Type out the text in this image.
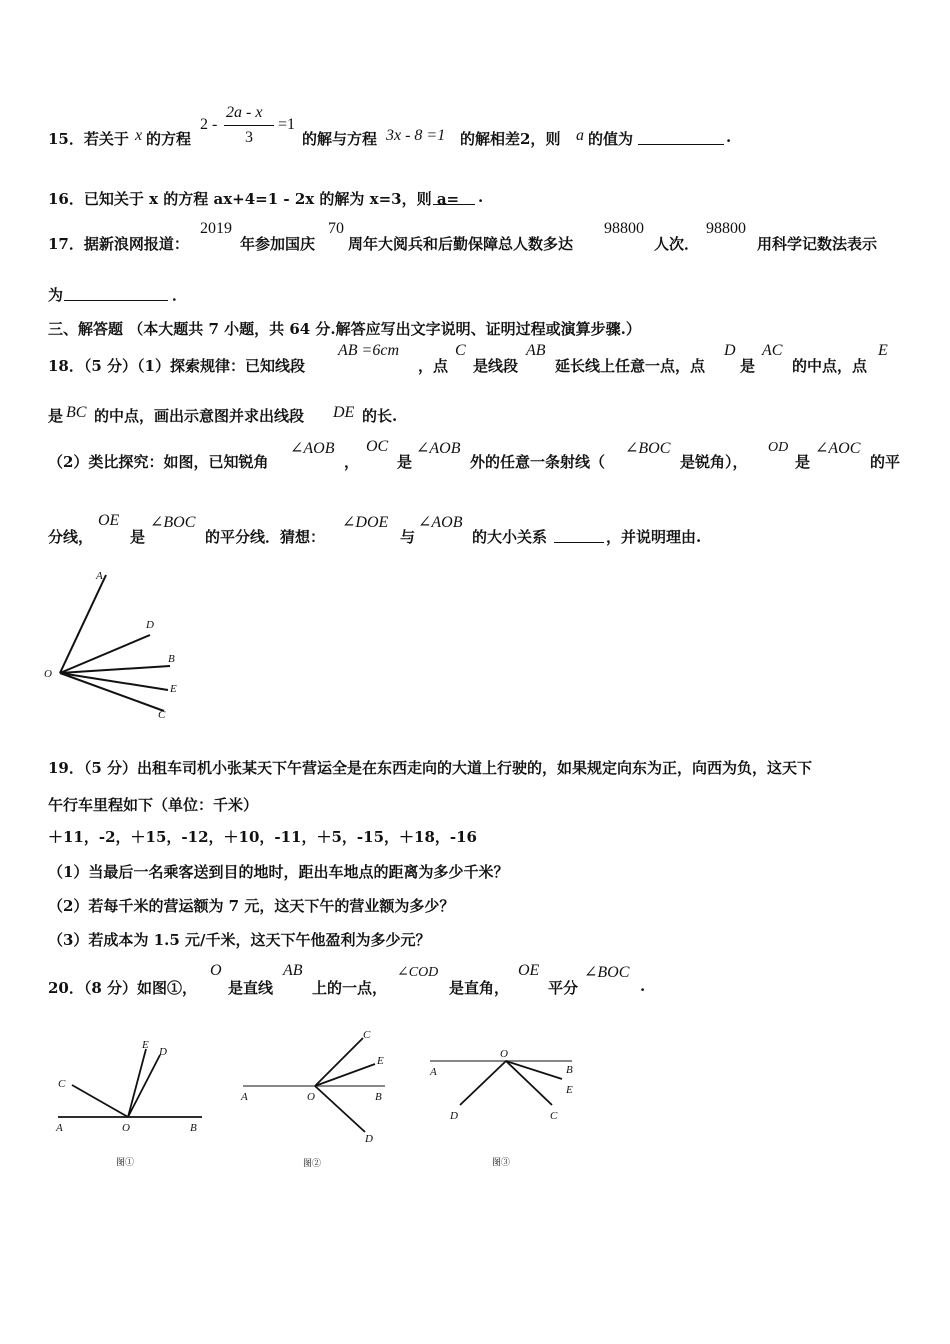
15．若关于 x 的方程
2 -
2a - x
3
=1
的解与方程 3x - 8 =1 的解相差2，则 a 的值为	.
16．已知关于 x 的方程 ax+4=1 - 2x 的解为 x=3，则 a= .
17．据新浪网报道：
2019
年参加国庆
70
周年大阅兵和后勤保障总人数多达
98800
人次．
98800
用科学记数法表示
为	．
三、解答题 （本大题共 7 小题，共 64 分.解答应写出文字说明、证明过程或演算步骤.）
18．（5 分）（1）探索规律：已知线段
AB =6cm
，点
C
是线段
AB
延长线上任意一点，点
D
是
AC
的中点，点
E
是 BC 的中点，画出示意图并求出线段 DE 的长.
（2）类比探究：如图，已知锐角
∠AOB
，
OC
是
∠AOB
外的任意一条射线（
∠BOC
是锐角），
OD
是
∠AOC
的平
分线，
OE
是
∠BOC
的平分线．猜想：
∠DOE
与
∠AOB
的大小关系	，并说明理由.
A
D
B
O
E
C
19．（5 分）出租车司机小张某天下午营运全是在东西走向的大道上行驶的，如果规定向东为正，向西为负，这天下
午行车里程如下（单位：千米）
＋11，-2，＋15，-12，＋10，-11，＋5，-15，＋18，-16
（1）当最后一名乘客送到目的地时，距出车地点的距离为多少千米？
（2）若每千米的营运额为 7 元，这天下午的营业额为多少？
（3）若成本为 1.5 元/千米，这天下午他盈利为多少元？
20．（8 分）如图①，
O
是直线
AB
上的一点，
∠COD
是直角，
OE
平分
∠BOC
.
A	O	B
C
E
D
图①
A	O	B
C
E
D
图②
A
O
B
E
D	C
图③
